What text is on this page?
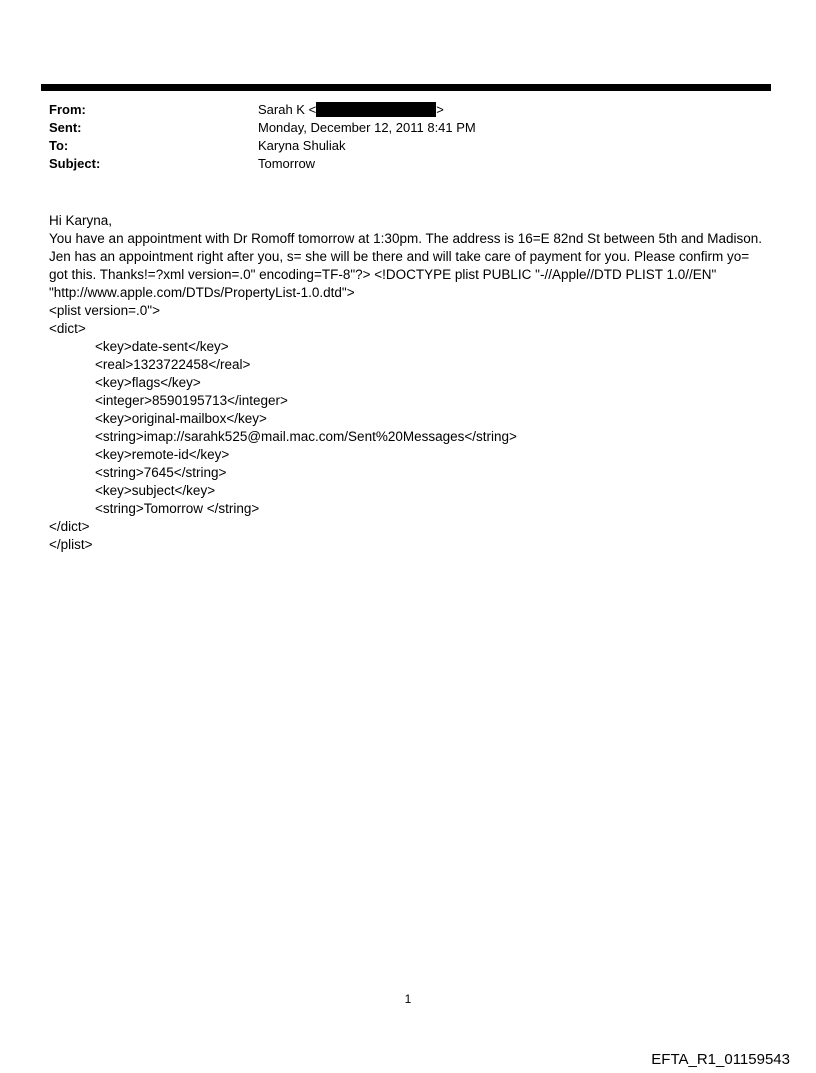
From:	Sarah K <	>
Sent:	Monday, December 12, 2011 8:41 PM
To:	Karyna Shuliak
Subject:	Tomorrow
Hi Karyna,
You have an appointment with Dr Romoff tomorrow at 1:30pm. The address is 16=E 82nd St between 5th and Madison.
Jen has an appointment right after you, s= she will be there and will take care of payment for you. Please confirm yo=
got this. Thanks!=?xml version=.0" encoding=TF-8"?> <!DOCTYPE plist PUBLIC "-//Apple//DTD PLIST 1.0//EN"
"http://www.apple.com/DTDs/PropertyList-1.0.dtd">
<plist version=.0">
<dict>
<key>date-sent</key>
<real>1323722458</real>
<key>flags</key>
<integer>8590195713</integer>
<key>original-mailbox</key>
<string>imap://sarahk525@mail.mac.com/Sent%20Messages</string>
<key>remote-id</key>
<string>7645</string>
<key>subject</key>
<string>Tomorrow </string>
</dict>
</plist>
1
EFTA_R1_01159543
